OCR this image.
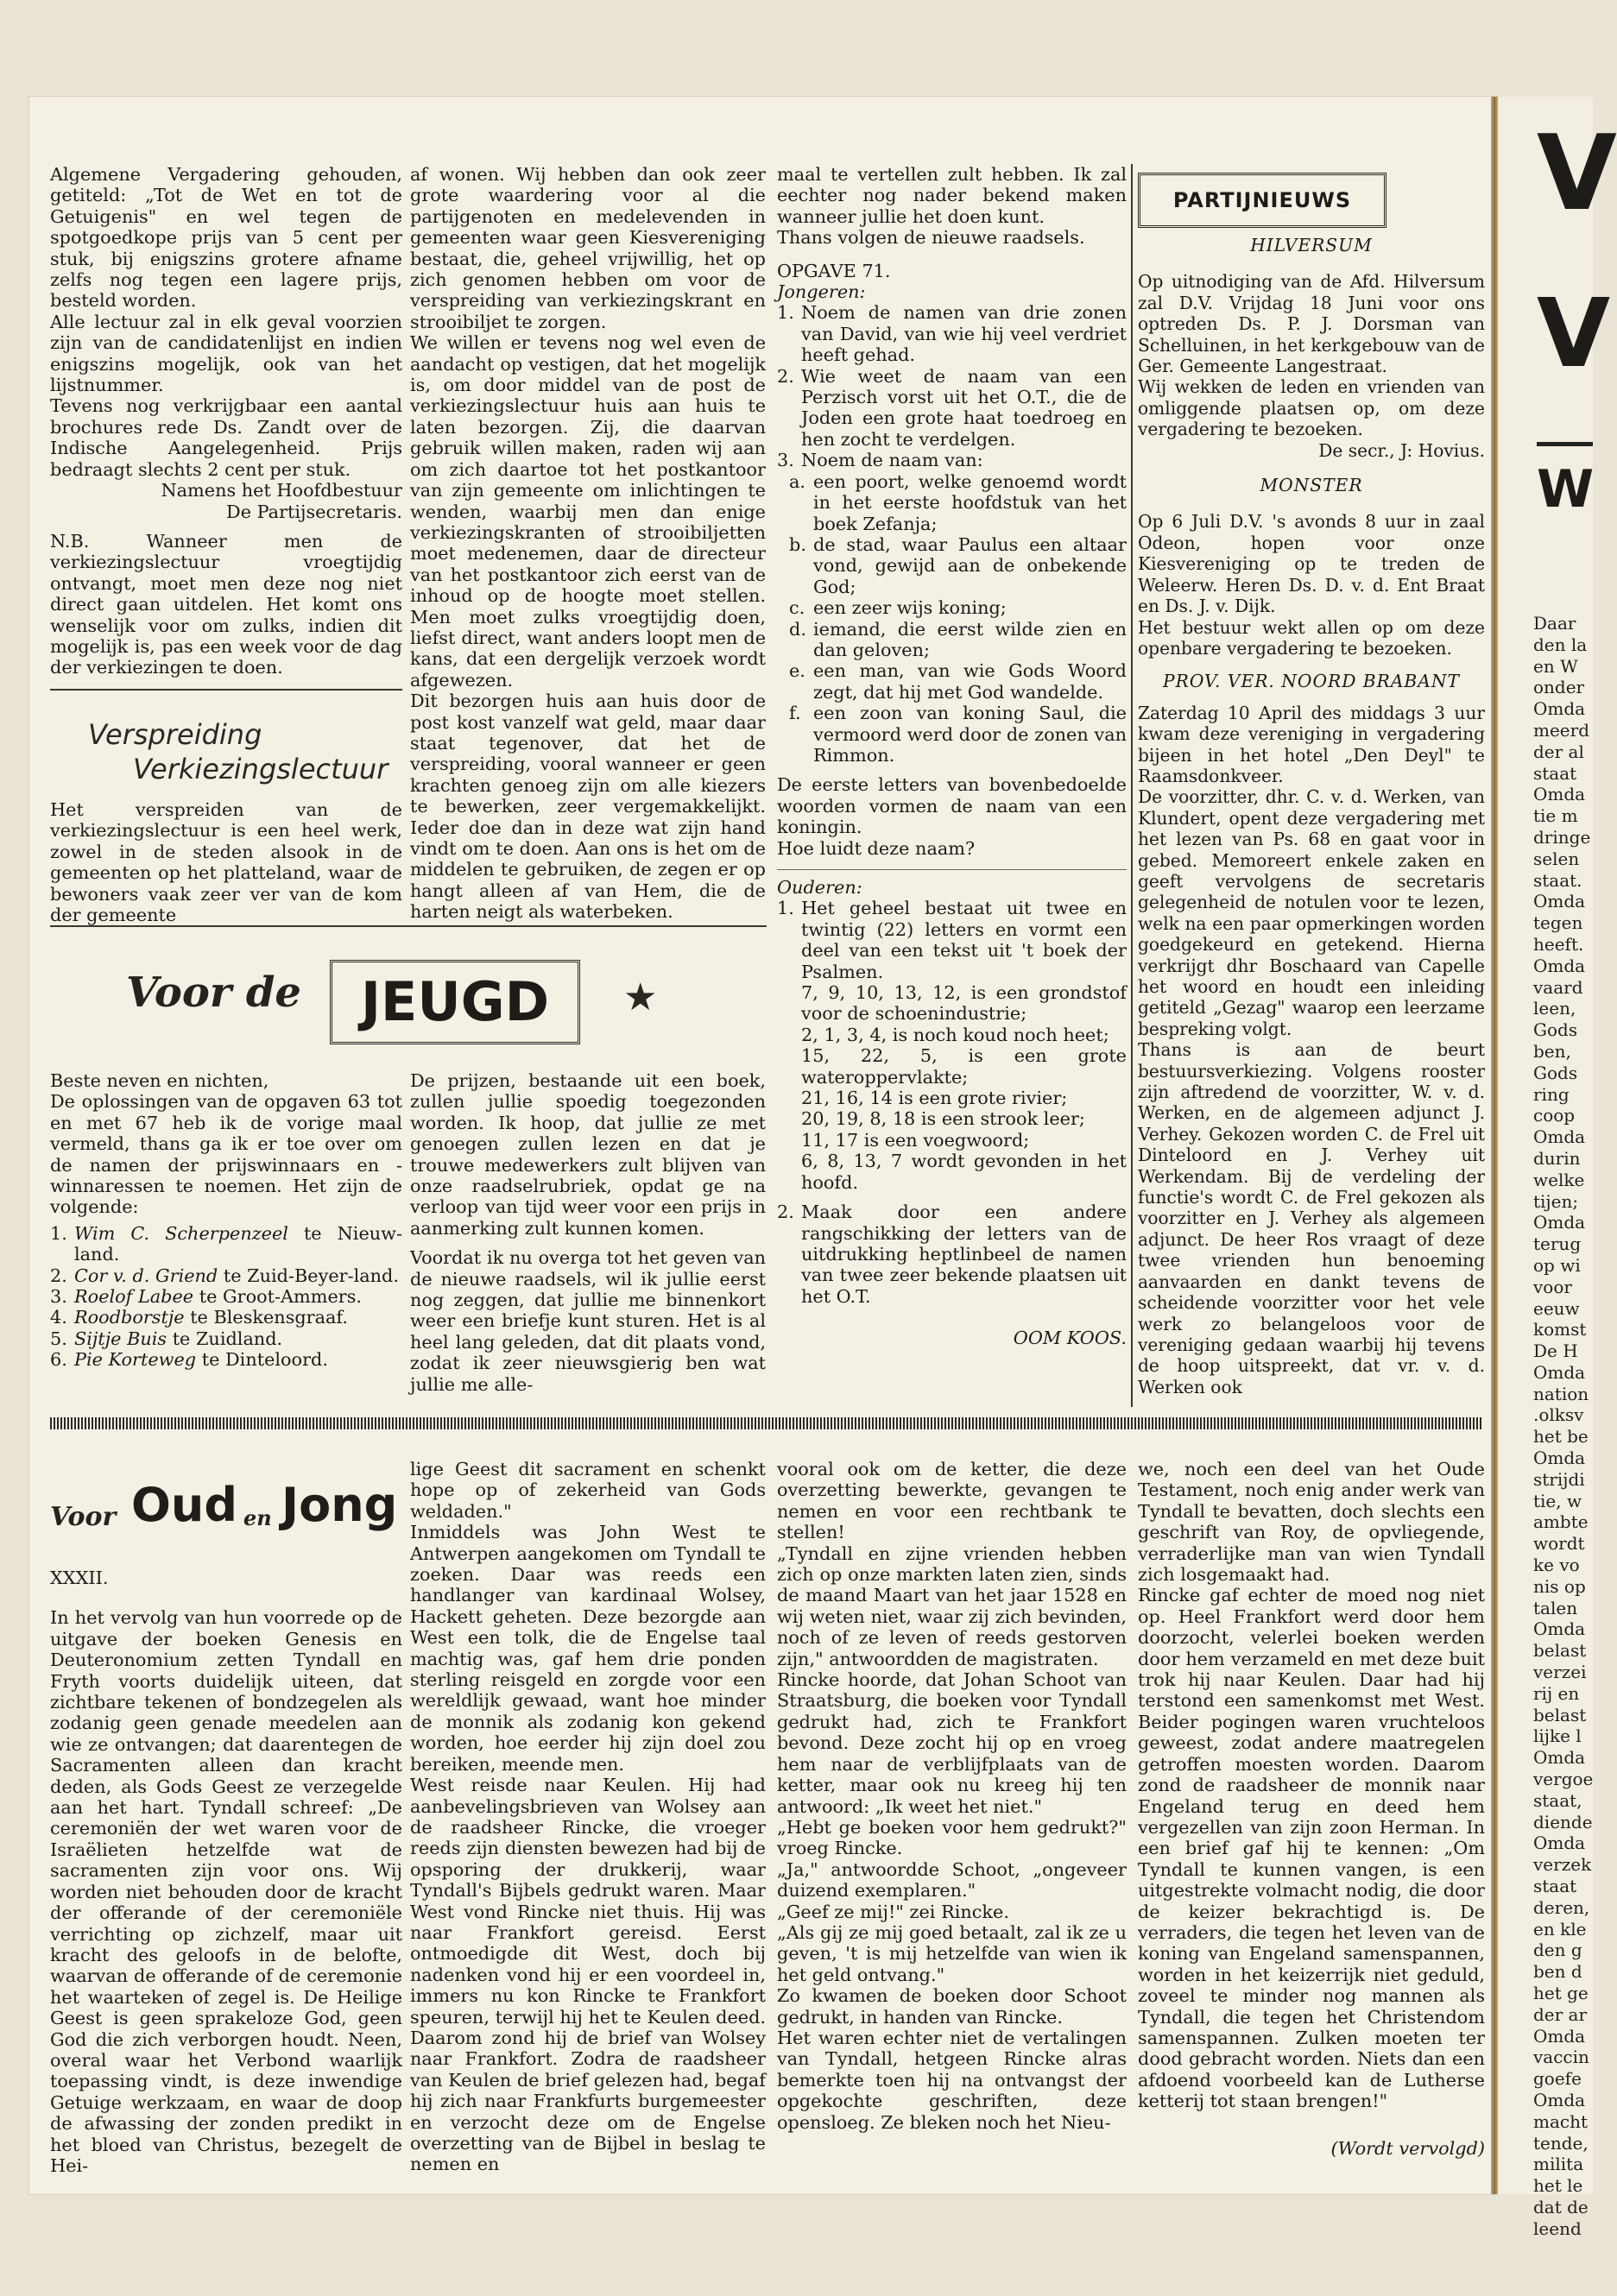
V
V
W
Daar
den la
en W
onder
Omda
meerd
der al
staat
Omda
tie m
dringe
selen
staat.
Omda
tegen
heeft.
Omda
vaard
leen,
Gods
ben,
Gods
ring
coop
Omda
durin
welke
tijen;
Omda
terug
op wi
voor
eeuw
komst
De H
Omda
nation
.olksv
het be
Omda
strijdi
tie, w
ambte
wordt
ke vo
nis op
talen
Omda
belast
verzei
rij en
belast
lijke l
Omda
vergoe
staat,
diende
Omda
verzek
staat
deren,
en kle
den g
ben d
het ge
der ar
Omda
vaccin
goefe
Omda
macht
tende,
milita
het le
dat de
leend

Algemene Vergadering gehouden, getiteld: „Tot de Wet en tot de Getuigenis" en wel tegen de spotgoedkope prijs van 5 cent per stuk, bij enigszins grotere afname zelfs nog tegen een lagere prijs, besteld worden.

Alle lectuur zal in elk geval voorzien zijn van de candidatenlijst en indien enigszins mogelijk, ook van het lijstnummer.

Tevens nog verkrijgbaar een aantal brochures rede Ds. Zandt over de Indische Aangelegenheid. Prijs bedraagt slechts 2 cent per stuk.

Namens het Hoofdbestuur

De Partijsecretaris.

N.B. Wanneer men de verkiezingslectuur vroegtijdig ontvangt, moet men deze nog niet direct gaan uitdelen. Het komt ons wenselijk voor om zulks, indien dit mogelijk is, pas een week voor de dag der verkiezingen te doen.

Verspreiding
Verkiezingslectuur

Het verspreiden van de verkiezingslectuur is een heel werk, zowel in de steden alsook in de gemeenten op het platteland, waar de bewoners vaak zeer ver van de kom der gemeente

af wonen. Wij hebben dan ook zeer grote waardering voor al die partijgenoten en medelevenden in gemeenten waar geen Kiesvereniging bestaat, die, geheel vrijwillig, het op zich genomen hebben om voor de verspreiding van verkiezingskrant en strooibiljet te zorgen.

We willen er tevens nog wel even de aandacht op vestigen, dat het mogelijk is, om door middel van de post de verkiezingslectuur huis aan huis te laten bezorgen. Zij, die daarvan gebruik willen maken, raden wij aan om zich daartoe tot het postkantoor van zijn gemeente om inlichtingen te wenden, waarbij men dan enige verkiezingskranten of strooibiljetten moet medenemen, daar de directeur van het postkantoor zich eerst van de inhoud op de hoogte moet stellen. Men moet zulks vroegtijdig doen, liefst direct, want anders loopt men de kans, dat een dergelijk verzoek wordt afgewezen.

Dit bezorgen huis aan huis door de post kost vanzelf wat geld, maar daar staat tegenover, dat het de verspreiding, vooral wanneer er geen krachten genoeg zijn om alle kiezers te bewerken, zeer vergemakkelijkt. Ieder doe dan in deze wat zijn hand vindt om te doen. Aan ons is het om de middelen te gebruiken, de zegen er op hangt alleen af van Hem, die de harten neigt als waterbeken.

Voor de	JEUGD	★

Beste neven en nichten,

De oplossingen van de opgaven 63 tot en met 67 heb ik de vorige maal vermeld, thans ga ik er toe over om de namen der prijswinnaars en -winnaressen te noemen. Het zijn de volgende:

1. Wim C. Scherpenzeel te Nieuw-land.
2. Cor v. d. Griend te Zuid-Beyer-land.
3. Roelof Labee te Groot-Ammers.
4. Roodborstje te Bleskensgraaf.
5. Sijtje Buis te Zuidland.
6. Pie Korteweg te Dinteloord.

De prijzen, bestaande uit een boek, zullen jullie spoedig toegezonden worden. Ik hoop, dat jullie ze met genoegen zullen lezen en dat je trouwe medewerkers zult blijven van onze raadselrubriek, opdat ge na verloop van tijd weer voor een prijs in aanmerking zult kunnen komen.

Voordat ik nu overga tot het geven van de nieuwe raadsels, wil ik jullie eerst nog zeggen, dat jullie me binnenkort weer een briefje kunt sturen. Het is al heel lang geleden, dat dit plaats vond, zodat ik zeer nieuwsgierig ben wat jullie me alle-

maal te vertellen zult hebben. Ik zal eechter nog nader bekend maken wanneer jullie het doen kunt.

Thans volgen de nieuwe raadsels.

OPGAVE 71.

Jongeren:

1. Noem de namen van drie zonen van David, van wie hij veel verdriet heeft gehad.
2. Wie weet de naam van een Perzisch vorst uit het O.T., die de Joden een grote haat toedroeg en hen zocht te verdelgen.
3. Noem de naam van:
a. een poort, welke genoemd wordt in het eerste hoofdstuk van het boek Zefanja;
b. de stad, waar Paulus een altaar vond, gewijd aan de onbekende God;
c. een zeer wijs koning;
d. iemand, die eerst wilde zien en dan geloven;
e. een man, van wie Gods Woord zegt, dat hij met God wandelde.
f. een zoon van koning Saul, die vermoord werd door de zonen van Rimmon.

De eerste letters van bovenbedoelde woorden vormen de naam van een koningin.

Hoe luidt deze naam?

Ouderen:

1. Het geheel bestaat uit twee en twintig (22) letters en vormt een deel van een tekst uit 't boek der Psalmen.
7, 9, 10, 13, 12, is een grondstof voor de schoenindustrie;
2, 1, 3, 4, is noch koud noch heet;
15, 22, 5, is een grote wateroppervlakte;
21, 16, 14 is een grote rivier;
20, 19, 8, 18 is een strook leer;
11, 17 is een voegwoord;
6, 8, 13, 7 wordt gevonden in het hoofd.
2. Maak door een andere rangschikking der letters van de uitdrukking heptlinbeel de namen van twee zeer bekende plaatsen uit het O.T.

OOM KOOS.

PARTIJNIEUWS

HILVERSUM

Op uitnodiging van de Afd. Hilversum zal D.V. Vrijdag 18 Juni voor ons optreden Ds. P. J. Dorsman van Schelluinen, in het kerkgebouw van de Ger. Gemeente Langestraat.

Wij wekken de leden en vrienden van omliggende plaatsen op, om deze vergadering te bezoeken.

De secr., J: Hovius.

MONSTER

Op 6 Juli D.V. 's avonds 8 uur in zaal Odeon, hopen voor onze Kiesvereniging op te treden de Weleerw. Heren Ds. D. v. d. Ent Braat en Ds. J. v. Dijk.

Het bestuur wekt allen op om deze openbare vergadering te bezoeken.

PROV. VER. NOORD BRABANT

Zaterdag 10 April des middags 3 uur kwam deze vereniging in vergadering bijeen in het hotel „Den Deyl" te Raamsdonkveer.

De voorzitter, dhr. C. v. d. Werken, van Klundert, opent deze vergadering met het lezen van Ps. 68 en gaat voor in gebed. Memoreert enkele zaken en geeft vervolgens de secretaris gelegenheid de notulen voor te lezen, welk na een paar opmerkingen worden goedgekeurd en getekend. Hierna verkrijgt dhr Boschaard van Capelle het woord en houdt een inleiding getiteld „Gezag" waarop een leerzame bespreking volgt.

Thans is aan de beurt bestuursverkiezing. Volgens rooster zijn aftredend de voorzitter, W. v. d. Werken, en de algemeen adjunct J. Verhey. Gekozen worden C. de Frel uit Dinteloord en J. Verhey uit Werkendam. Bij de verdeling der functie's wordt C. de Frel gekozen als voorzitter en J. Verhey als algemeen adjunct. De heer Ros vraagt of deze twee vrienden hun benoeming aanvaarden en dankt tevens de scheidende voorzitter voor het vele werk zo belangeloos voor de vereniging gedaan waarbij hij tevens de hoop uitspreekt, dat vr. v. d. Werken ook

Voor Oud en Jong

XXXII.

In het vervolg van hun voorrede op de uitgave der boeken Genesis en Deuteronomium zetten Tyndall en Fryth voorts duidelijk uiteen, dat zichtbare tekenen of bondzegelen als zodanig geen genade meedelen aan wie ze ontvangen; dat daarentegen de Sacramenten alleen dan kracht deden, als Gods Geest ze verzegelde aan het hart. Tyndall schreef: „De ceremoniën der wet waren voor de Israëlieten hetzelfde wat de sacramenten zijn voor ons. Wij worden niet behouden door de kracht der offerande of der ceremoniële verrichting op zichzelf, maar uit kracht des geloofs in de belofte, waarvan de offerande of de ceremonie het waarteken of zegel is. De Heilige Geest is geen sprakeloze God, geen God die zich verborgen houdt. Neen, overal waar het Verbond waarlijk toepassing vindt, is deze inwendige Getuige werkzaam, en waar de doop de afwassing der zonden predikt in het bloed van Christus, bezegelt de Hei-

lige Geest dit sacrament en schenkt hope op of zekerheid van Gods weldaden."

Inmiddels was John West te Antwerpen aangekomen om Tyndall te zoeken. Daar was reeds een handlanger van kardinaal Wolsey, Hackett geheten. Deze bezorgde aan West een tolk, die de Engelse taal machtig was, gaf hem drie ponden sterling reisgeld en zorgde voor een wereldlijk gewaad, want hoe minder de monnik als zodanig kon gekend worden, hoe eerder hij zijn doel zou bereiken, meende men.

West reisde naar Keulen. Hij had aanbevelingsbrieven van Wolsey aan de raadsheer Rincke, die vroeger reeds zijn diensten bewezen had bij de opsporing der drukkerij, waar Tyndall's Bijbels gedrukt waren. Maar West vond Rincke niet thuis. Hij was naar Frankfort gereisd. Eerst ontmoedigde dit West, doch bij nadenken vond hij er een voordeel in, immers nu kon Rincke te Frankfort speuren, terwijl hij het te Keulen deed. Daarom zond hij de brief van Wolsey naar Frankfort. Zodra de raadsheer van Keulen de brief gelezen had, begaf hij zich naar Frankfurts burgemeester en verzocht deze om de Engelse overzetting van de Bijbel in beslag te nemen en

vooral ook om de ketter, die deze overzetting bewerkte, gevangen te nemen en voor een rechtbank te stellen!

„Tyndall en zijne vrienden hebben zich op onze markten laten zien, sinds de maand Maart van het jaar 1528 en wij weten niet, waar zij zich bevinden, noch of ze leven of reeds gestorven zijn," antwoordden de magistraten.

Rincke hoorde, dat Johan Schoot van Straatsburg, die boeken voor Tyndall gedrukt had, zich te Frankfort bevond. Deze zocht hij op en vroeg hem naar de verblijfplaats van de ketter, maar ook nu kreeg hij ten antwoord: „Ik weet het niet."

„Hebt ge boeken voor hem gedrukt?" vroeg Rincke.

„Ja," antwoordde Schoot, „ongeveer duizend exemplaren."

„Geef ze mij!" zei Rincke.

„Als gij ze mij goed betaalt, zal ik ze u geven, 't is mij hetzelfde van wien ik het geld ontvang."

Zo kwamen de boeken door Schoot gedrukt, in handen van Rincke.

Het waren echter niet de vertalingen van Tyndall, hetgeen Rincke alras bemerkte toen hij na ontvangst der opgekochte geschriften, deze opensloeg. Ze bleken noch het Nieu-

we, noch een deel van het Oude Testament, noch enig ander werk van Tyndall te bevatten, doch slechts een geschrift van Roy, de opvliegende, verraderlijke man van wien Tyndall zich losgemaakt had.

Rincke gaf echter de moed nog niet op. Heel Frankfort werd door hem doorzocht, velerlei boeken werden door hem verzameld en met deze buit trok hij naar Keulen. Daar had hij terstond een samenkomst met West. Beider pogingen waren vruchteloos geweest, zodat andere maatregelen getroffen moesten worden. Daarom zond de raadsheer de monnik naar Engeland terug en deed hem vergezellen van zijn zoon Herman. In een brief gaf hij te kennen: „Om Tyndall te kunnen vangen, is een uitgestrekte volmacht nodig, die door de keizer bekrachtigd is. De verraders, die tegen het leven van de koning van Engeland samenspannen, worden in het keizerrijk niet geduld, zoveel te minder nog mannen als Tyndall, die tegen het Christendom samenspannen. Zulken moeten ter dood gebracht worden. Niets dan een afdoend voorbeeld kan de Lutherse ketterij tot staan brengen!"

(Wordt vervolgd)
